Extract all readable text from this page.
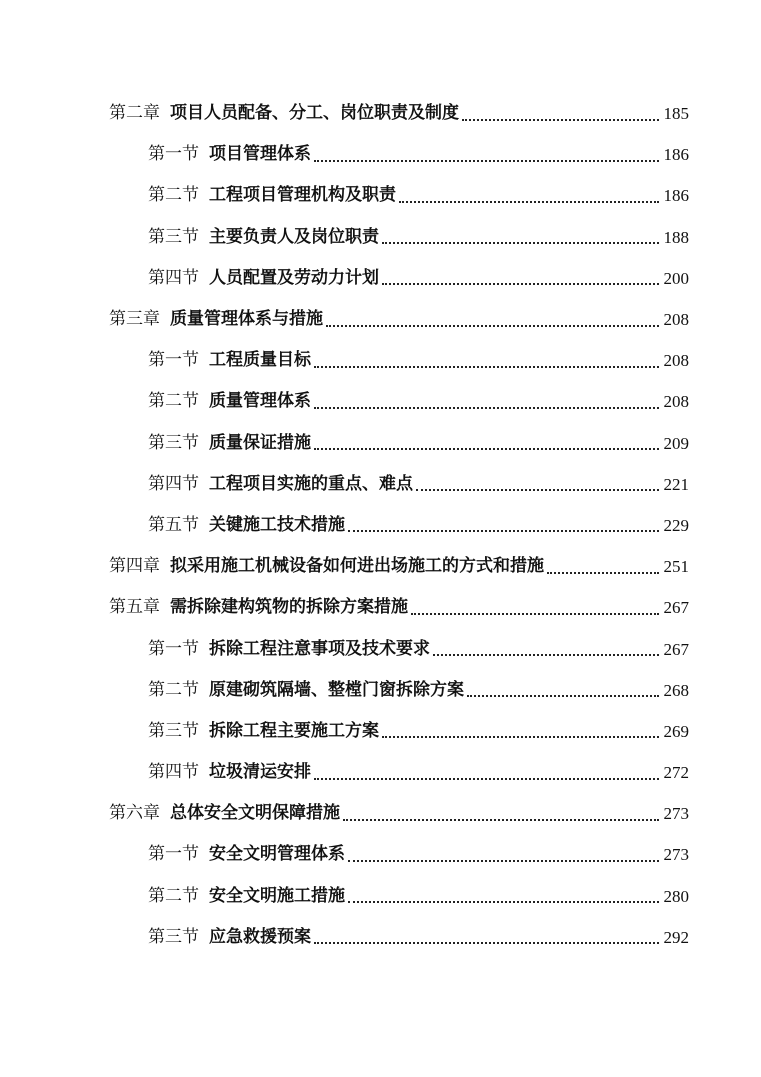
第二章 项目人员配备、分工、岗位职责及制度	185
第一节 项目管理体系	186
第二节 工程项目管理机构及职责	186
第三节 主要负责人及岗位职责	188
第四节 人员配置及劳动力计划	200
第三章 质量管理体系与措施	208
第一节 工程质量目标	208
第二节 质量管理体系	208
第三节 质量保证措施	209
第四节 工程项目实施的重点、难点	221
第五节 关键施工技术措施	229
第四章 拟采用施工机械设备如何进出场施工的方式和措施	251
第五章 需拆除建构筑物的拆除方案措施	267
第一节 拆除工程注意事项及技术要求	267
第二节 原建砌筑隔墙、整樘门窗拆除方案	268
第三节 拆除工程主要施工方案	269
第四节 垃圾清运安排	272
第六章 总体安全文明保障措施	273
第一节 安全文明管理体系	273
第二节 安全文明施工措施	280
第三节 应急救援预案	292
